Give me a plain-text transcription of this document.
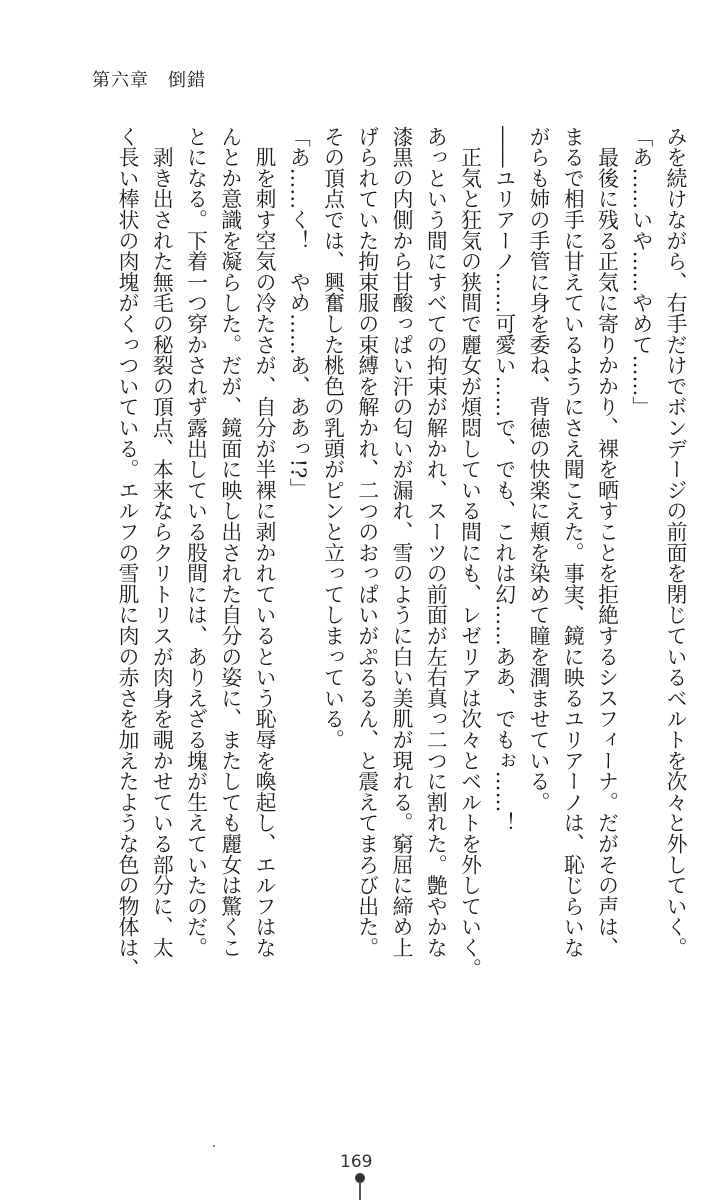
第六章　倒錯
みを続けながら、右手だけでボンデージの前面を閉じているベルトを次々と外していく。
「あ……いや……やめて……」
　最後に残る正気に寄りかかり、裸を晒すことを拒絶するシスフィーナ。だがその声は、
まるで相手に甘えているようにさえ聞こえた。事実、鏡に映るユリアーノは、恥じらいな
がらも姉の手管に身を委ね、背徳の快楽に頬を染めて瞳を潤ませている。
――ユリアーノ……可愛い……で、でも、これは幻……ああ、でもぉ……！
　正気と狂気の狭間で麗女が煩悶している間にも、レゼリアは次々とベルトを外していく。
あっという間にすべての拘束が解かれ、スーツの前面が左右真っ二つに割れた。艶やかな
漆黒の内側から甘酸っぱい汗の匂いが漏れ、雪のように白い美肌が現れる。窮屈に締め上
げられていた拘束服の束縛を解かれ、二つのおっぱいがぷるるん、と震えてまろび出た。
その頂点では、興奮した桃色の乳頭がピンと立ってしまっている。
「あ……く！　やめ……あ、ああっ!?」
　肌を刺す空気の冷たさが、自分が半裸に剥かれているという恥辱を喚起し、エルフはな
んとか意識を凝らした。だが、鏡面に映し出された自分の姿に、またしても麗女は驚くこ
とになる。下着一つ穿かされず露出している股間には、ありえざる塊が生えていたのだ。
　剥き出された無毛の秘裂の頂点、本来ならクリトリスが肉身を覗かせている部分に、太
く長い棒状の肉塊がくっついている。エルフの雪肌に肉の赤さを加えたような色の物体は、
169
